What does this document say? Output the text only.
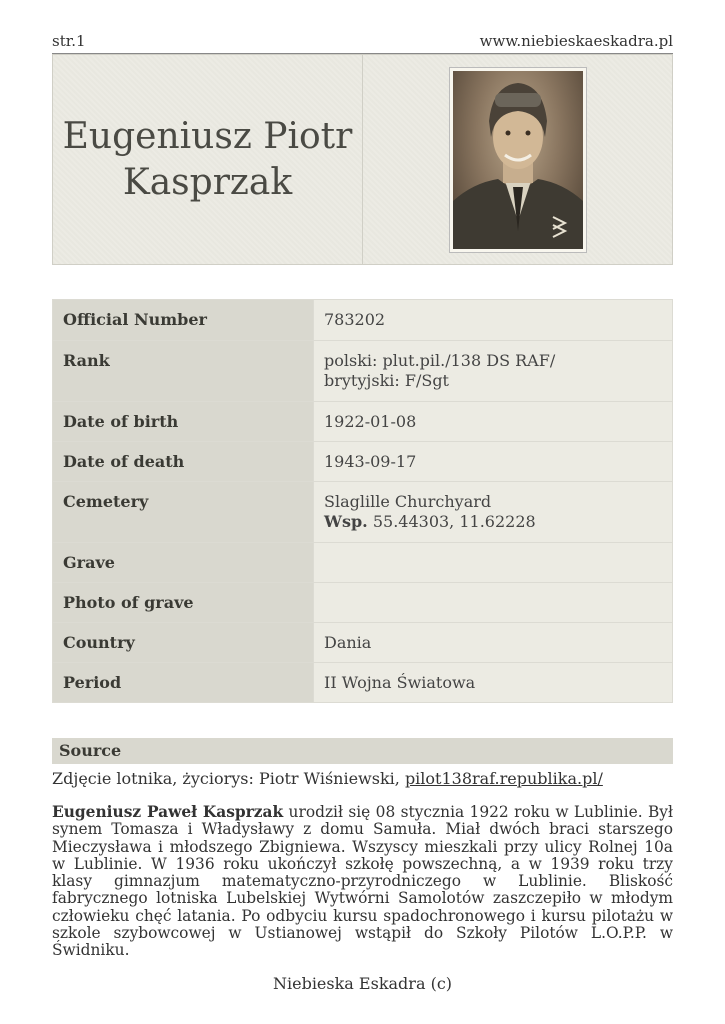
str.1	www.niebieskaeskadra.pl
Eugeniusz Piotr Kasprzak
Official Number	783202
Rank	polski: plut.pil./138 DS RAF/
brytyjski: F/Sgt

Date of birth	1922-01-08
Date of death	1943-09-17
Cemetery	Slaglille Churchyard
Wsp. 55.44303, 11.62228

Grave	
Photo of grave	
Country	Dania
Period	II Wojna Światowa
Source
Zdjęcie lotnika, życiorys: Piotr Wiśniewski, pilot138raf.republika.pl/

Eugeniusz Paweł Kasprzak urodził się 08 stycznia 1922 roku w Lublinie. Był synem Tomasza i Władysławy z domu Samuła. Miał dwóch braci starszego Mieczysława i młodszego Zbigniewa. Wszyscy mieszkali przy ulicy Rolnej 10a w Lublinie. W 1936 roku ukończył szkołę powszechną, a w 1939 roku trzy klasy gimnazjum matematyczno-przyrodniczego w Lublinie. Bliskość fabrycznego lotniska Lubelskiej Wytwórni Samolotów zaszczepiło w młodym człowieku chęć latania. Po odbyciu kursu spadochronowego i kursu pilotażu w szkole szybowcowej w Ustianowej wstąpił do Szkoły Pilotów L.O.P.P. w Świdniku.

Niebieska Eskadra (c)
